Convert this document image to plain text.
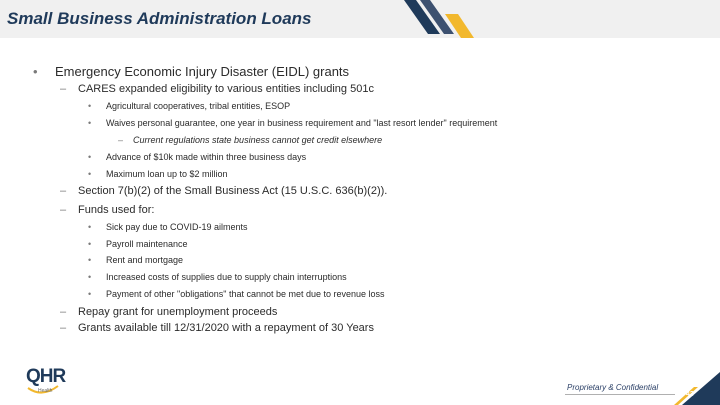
Small Business Administration Loans
• Emergency Economic Injury Disaster (EIDL) grants
– CARES expanded eligibility to various entities including 501c
• Agricultural cooperatives, tribal entities, ESOP
• Waives personal guarantee, one year in business requirement and "last resort lender" requirement
– Current regulations state business cannot get credit elsewhere
• Advance of $10k made within three business days
• Maximum loan up to $2 million
– Section 7(b)(2) of the Small Business Act (15 U.S.C. 636(b)(2)).
– Funds used for:
• Sick pay due to COVID-19 ailments
• Payroll maintenance
• Rent and mortgage
• Increased costs of supplies due to supply chain interruptions
• Payment of other "obligations" that cannot be met due to revenue loss
– Repay grant for unemployment proceeds
– Grants available till 12/31/2020 with a repayment of 30 Years
QHR
Health	Proprietary & Confidential
43
